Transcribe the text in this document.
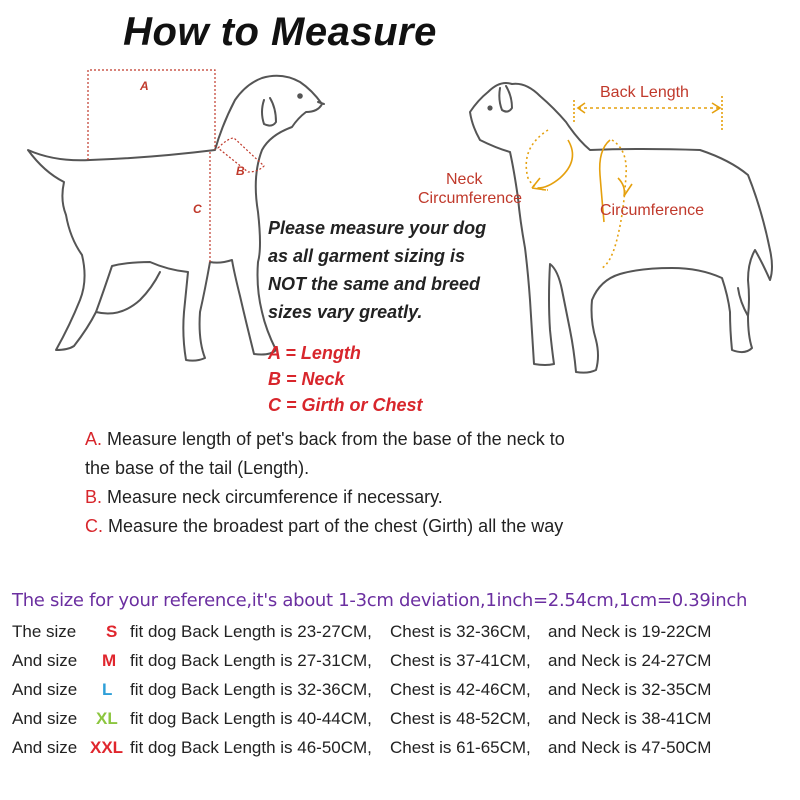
How to Measure
A
B
C
Back Length
Neck
Circumference
Circumference
Please measure your dog
as all garment sizing is
NOT the same and breed
sizes vary greatly.
A = Length
B = Neck
C = Girth or Chest
A. Measure length of pet's back from the base of the neck to
the base of the tail (Length).
B. Measure neck circumference if necessary.
C. Measure the broadest part of the chest (Girth) all the way
The size for your reference,it's about 1-3cm deviation,1inch=2.54cm,1cm=0.39inch
The size S fit dog Back Length is 23-27CM, Chest is 32-36CM, and Neck is 19-22CM
And size M fit dog Back Length is 27-31CM, Chest is 37-41CM, and Neck is 24-27CM
And size L fit dog Back Length is 32-36CM, Chest is 42-46CM, and Neck is 32-35CM
And size XL fit dog Back Length is 40-44CM, Chest is 48-52CM, and Neck is 38-41CM
And size XXL fit dog Back Length is 46-50CM, Chest is 61-65CM, and Neck is 47-50CM
